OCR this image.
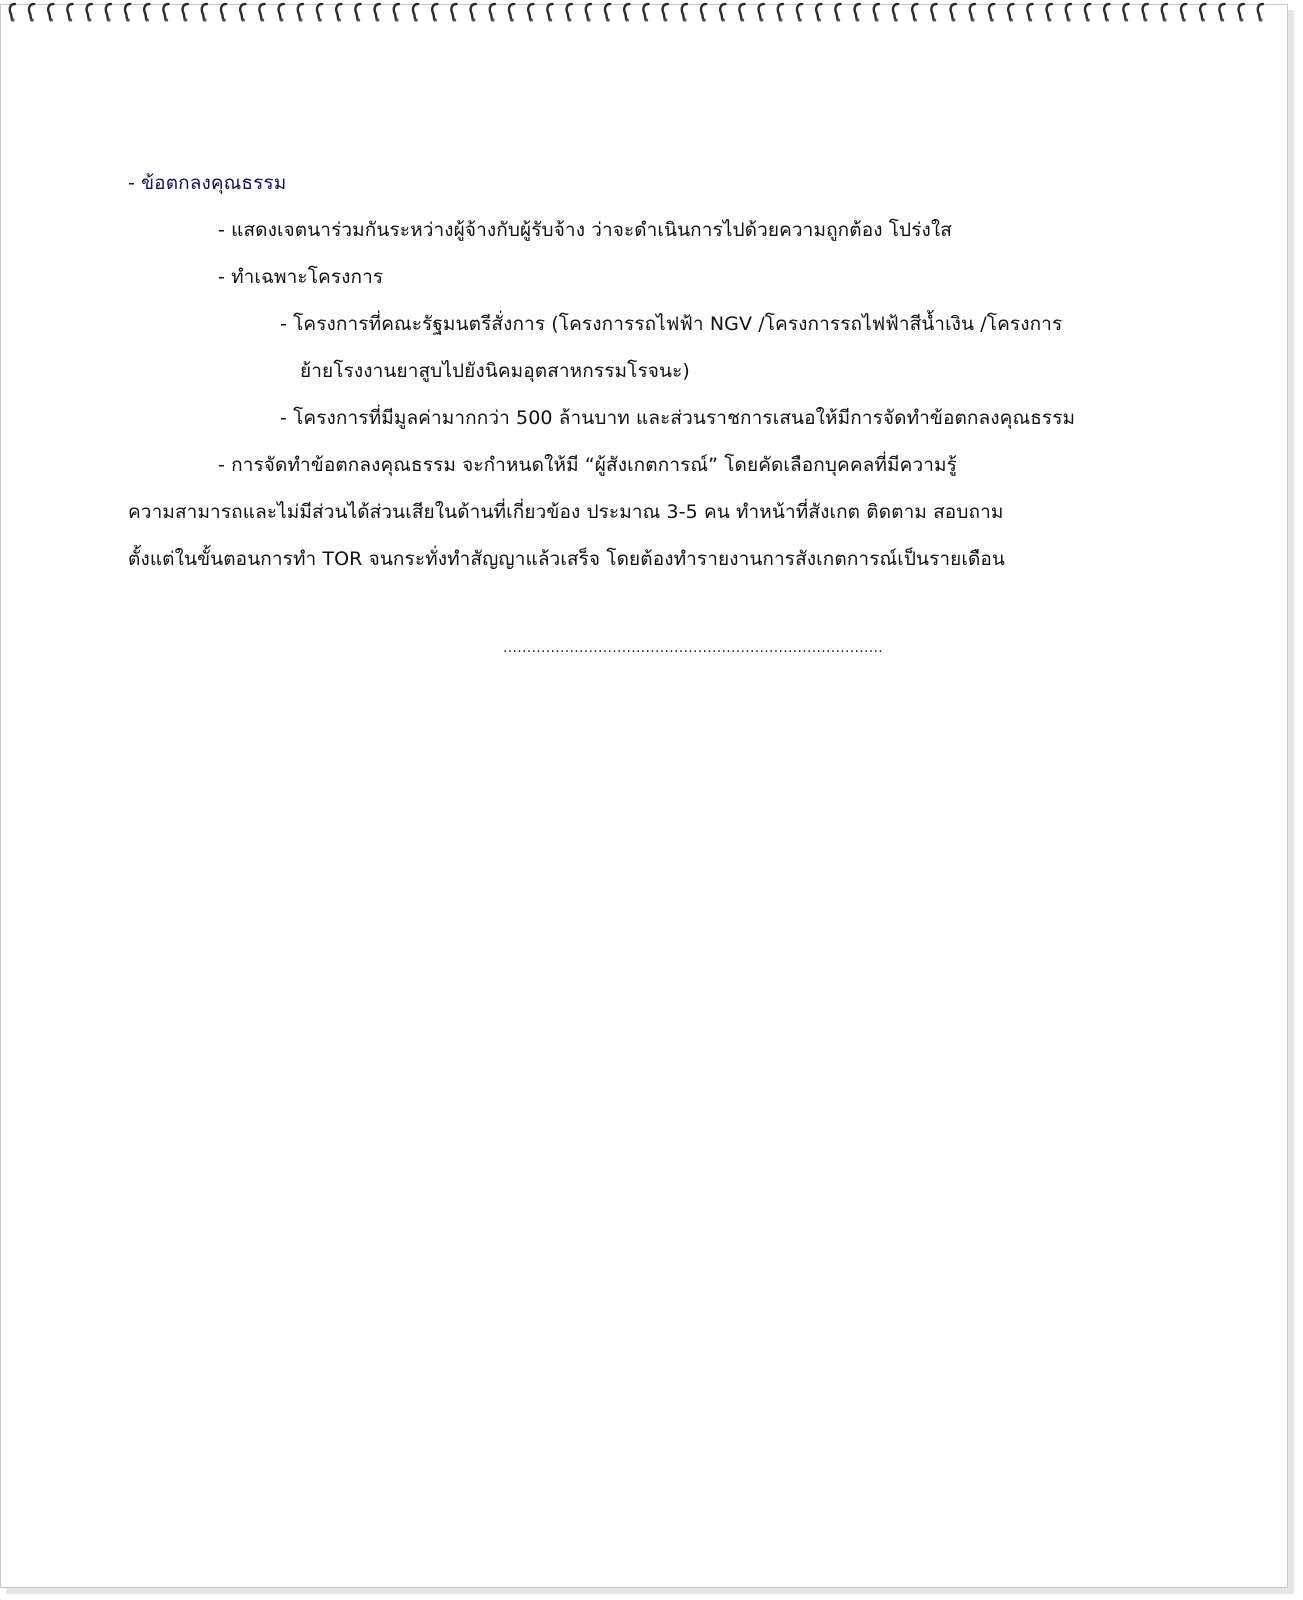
- ข้อตกลงคุณธรรม
- แสดงเจตนาร่วมกันระหว่างผู้จ้างกับผู้รับจ้าง ว่าจะดำเนินการไปด้วยความถูกต้อง โปร่งใส
- ทำเฉพาะโครงการ
- โครงการที่คณะรัฐมนตรีสั่งการ (โครงการรถไฟฟ้า NGV /โครงการรถไฟฟ้าสีน้ำเงิน /โครงการ
ย้ายโรงงานยาสูบไปยังนิคมอุตสาหกรรมโรจนะ)
- โครงการที่มีมูลค่ามากกว่า 500 ล้านบาท และส่วนราชการเสนอให้มีการจัดทำข้อตกลงคุณธรรม
- การจัดทำข้อตกลงคุณธรรม จะกำหนดให้มี “ผู้สังเกตการณ์” โดยคัดเลือกบุคคลที่มีความรู้
ความสามารถและไม่มีส่วนได้ส่วนเสียในด้านที่เกี่ยวข้อง ประมาณ 3-5 คน ทำหน้าที่สังเกต ติดตาม สอบถาม
ตั้งแต่ในขั้นตอนการทำ TOR จนกระทั่งทำสัญญาแล้วเสร็จ โดยต้องทำรายงานการสังเกตการณ์เป็นรายเดือน
................................................................................
